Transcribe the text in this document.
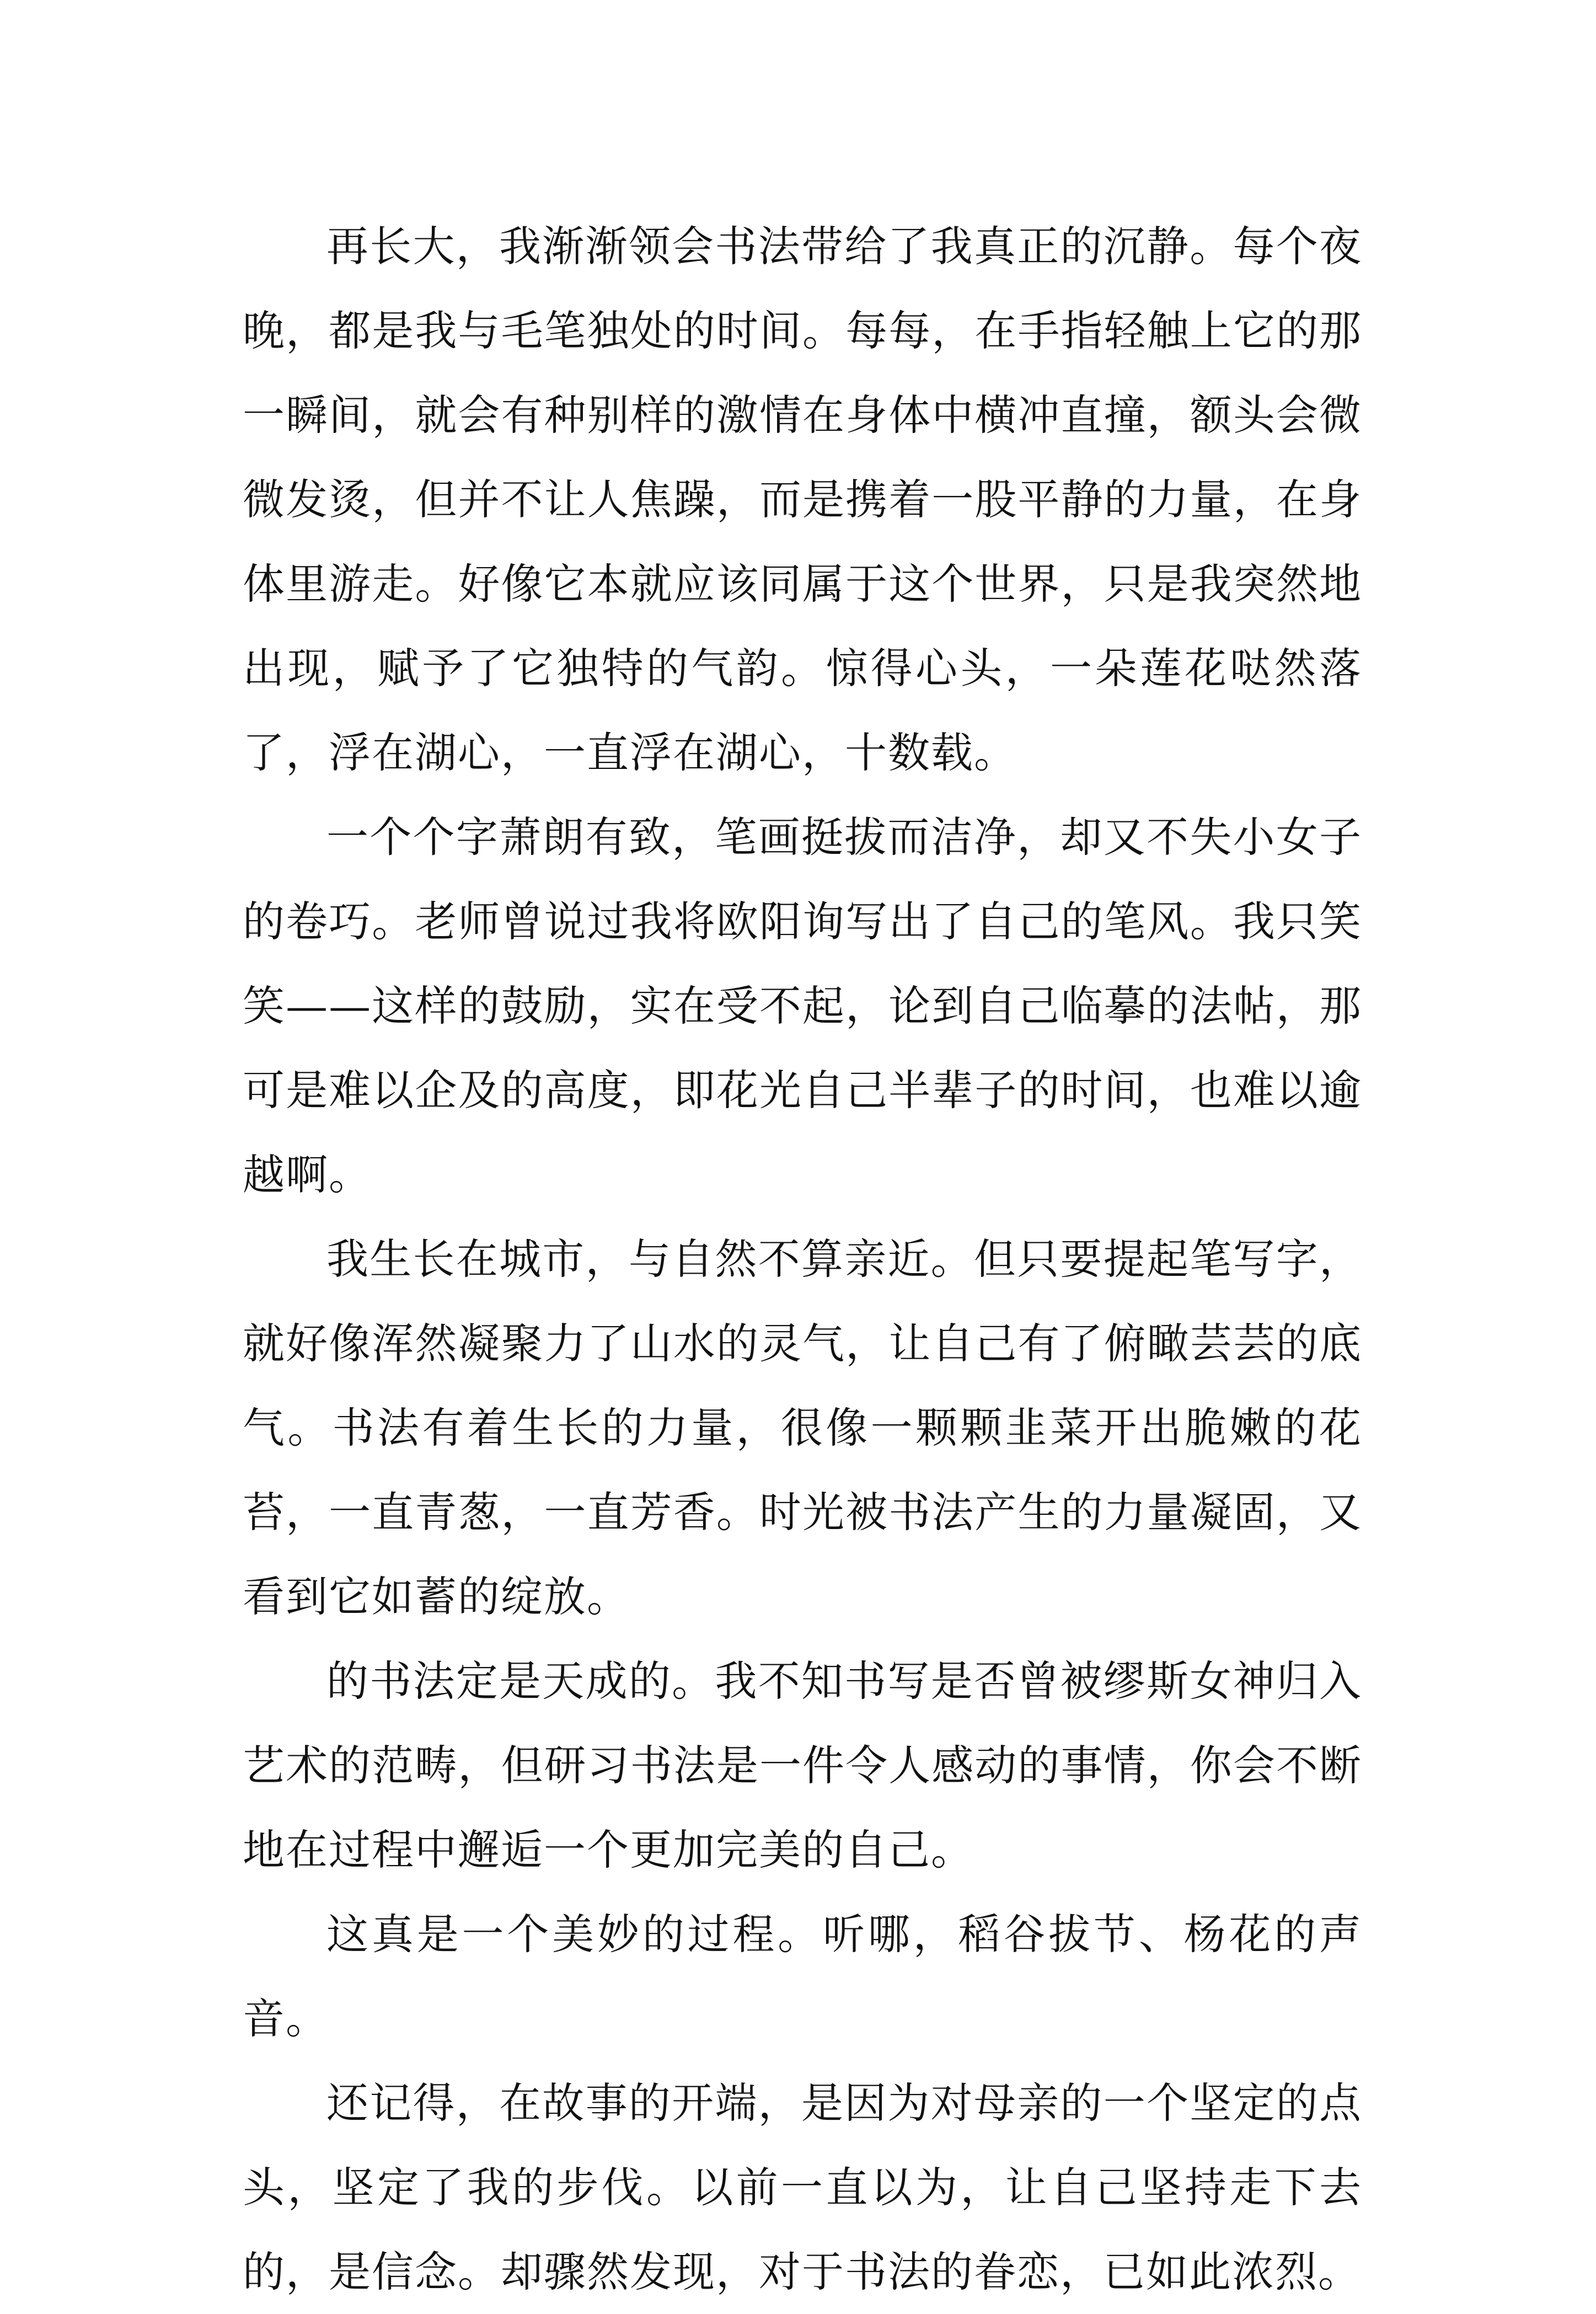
再长大，我渐渐领会书法带给了我真正的沉静。每个夜晚，都是我与毛笔独处的时间。每每，在手指轻触上它的那一瞬间，就会有种别样的激情在身体中横冲直撞，额头会微微发烫，但并不让人焦躁，而是携着一股平静的力量，在身体里游走。好像它本就应该同属于这个世界，只是我突然地出现，赋予了它独特的气韵。惊得心头，一朵莲花哒然落了，浮在湖心，一直浮在湖心，十数载。

一个个字萧朗有致，笔画挺拔而洁净，却又不失小女子的卷巧。老师曾说过我将欧阳询写出了自己的笔风。我只笑笑——这样的鼓励，实在受不起，论到自己临摹的法帖，那可是难以企及的高度，即花光自己半辈子的时间，也难以逾越啊。

我生长在城市，与自然不算亲近。但只要提起笔写字，就好像浑然凝聚力了山水的灵气，让自己有了俯瞰芸芸的底气。书法有着生长的力量，很像一颗颗韭菜开出脆嫩的花苔，一直青葱，一直芳香。时光被书法产生的力量凝固，又看到它如蓄的绽放。

的书法定是天成的。我不知书写是否曾被缪斯女神归入艺术的范畴，但研习书法是一件令人感动的事情，你会不断地在过程中邂逅一个更加完美的自己。

这真是一个美妙的过程。听哪，稻谷拔节、杨花的声音。

还记得，在故事的开端，是因为对母亲的一个坚定的点头，坚定了我的步伐。以前一直以为，让自己坚持走下去的，是信念。却骤然发现，对于书法的眷恋，已如此浓烈。
